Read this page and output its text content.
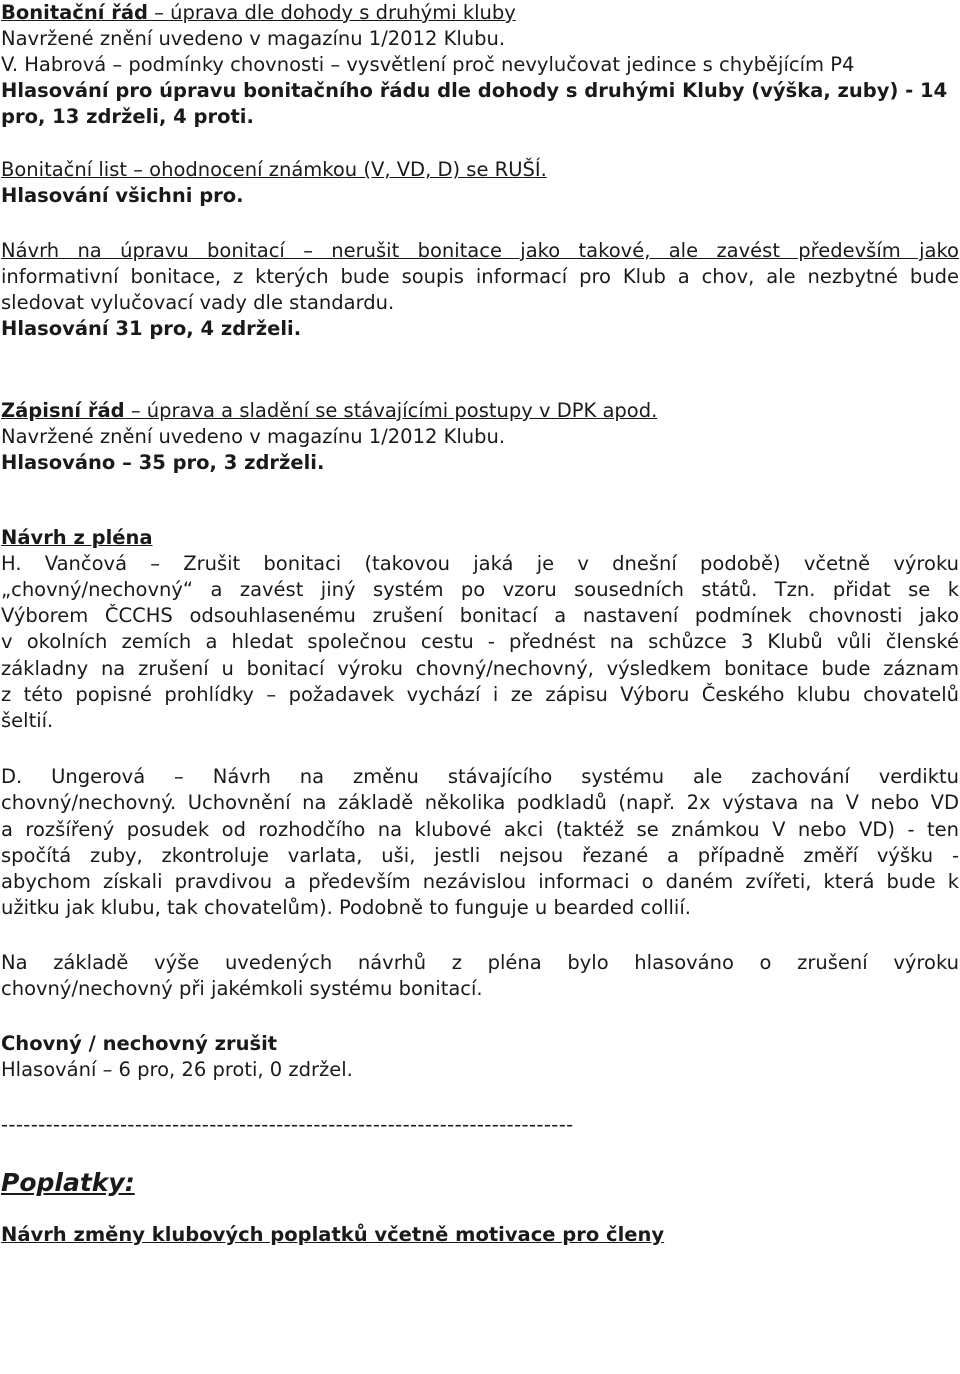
Bonitační řád – úprava dle dohody s druhými kluby
Navržené znění uvedeno v magazínu 1/2012 Klubu.
V. Habrová – podmínky chovnosti – vysvětlení proč nevylučovat jedince s chybějícím P4
Hlasování pro úpravu bonitačního řádu dle dohody s druhými Kluby (výška, zuby) - 14
pro, 13 zdrželi, 4 proti.
Bonitační list – ohodnocení známkou (V, VD, D) se RUŠÍ.
Hlasování všichni pro.
Návrh na úpravu bonitací – nerušit bonitace jako takové, ale zavést především jako
informativní bonitace, z kterých bude soupis informací pro Klub a chov, ale nezbytné bude
sledovat vylučovací vady dle standardu.
Hlasování 31 pro, 4 zdrželi.
Zápisní řád – úprava a sladění se stávajícími postupy v DPK apod.
Navržené znění uvedeno v magazínu 1/2012 Klubu.
Hlasováno – 35 pro, 3 zdrželi.
Návrh z pléna
H. Vančová – Zrušit bonitaci (takovou jaká je v dnešní podobě) včetně výroku
„chovný/nechovný“ a zavést jiný systém po vzoru sousedních států. Tzn. přidat se k
Výborem ČCCHS odsouhlasenému zrušení bonitací a nastavení podmínek chovnosti jako
v okolních zemích a hledat společnou cestu - přednést na schůzce 3 Klubů vůli členské
základny na zrušení u bonitací výroku chovný/nechovný, výsledkem bonitace bude záznam
z této popisné prohlídky – požadavek vychází i ze zápisu Výboru Českého klubu chovatelů
šeltií.
D. Ungerová – Návrh na změnu stávajícího systému ale zachování verdiktu
chovný/nechovný. Uchovnění na základě několika podkladů (např. 2x výstava na V nebo VD
a rozšířený posudek od rozhodčího na klubové akci (taktéž se známkou V nebo VD) - ten
spočítá zuby, zkontroluje varlata, uši, jestli nejsou řezané a případně změří výšku -
abychom získali pravdivou a především nezávislou informaci o daném zvířeti, která bude k
užitku jak klubu, tak chovatelům). Podobně to funguje u bearded collií.
Na základě výše uvedených návrhů z pléna bylo hlasováno o zrušení výroku
chovný/nechovný při jakémkoli systému bonitací.
Chovný / nechovný zrušit
Hlasování – 6 pro, 26 proti, 0 zdržel.
-----------------------------------------------------------------------------
Poplatky:
Návrh změny klubových poplatků včetně motivace pro členy
